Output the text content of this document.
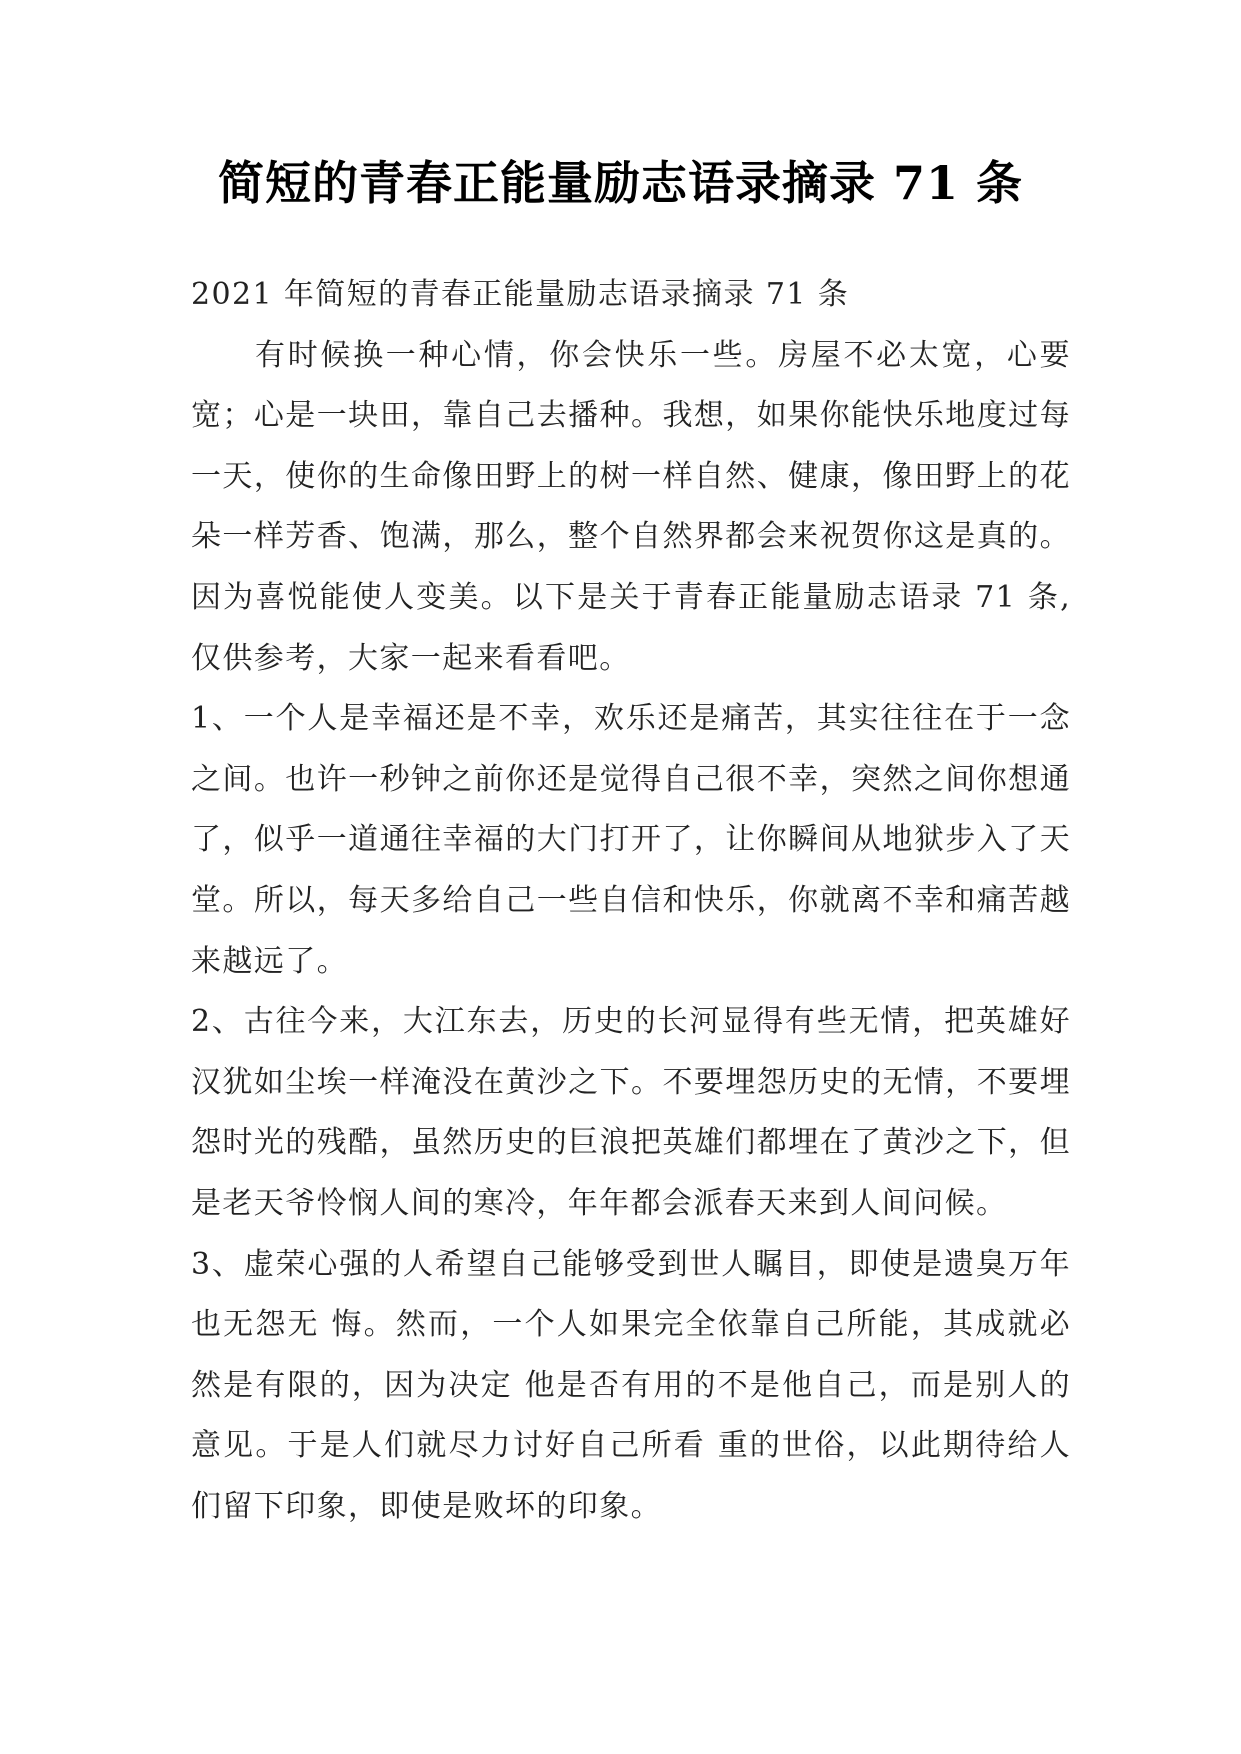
简短的青春正能量励志语录摘录 71 条

2021 年简短的青春正能量励志语录摘录 71 条

有时候换一种心情，你会快乐一些。房屋不必太宽，心要宽；心是一块田，靠自己去播种。我想，如果你能快乐地度过每一天，使你的生命像田野上的树一样自然、健康，像田野上的花朵一样芳香、饱满，那么，整个自然界都会来祝贺你这是真的。因为喜悦能使人变美。以下是关于青春正能量励志语录 71 条,仅供参考，大家一起来看看吧。

1、一个人是幸福还是不幸，欢乐还是痛苦，其实往往在于一念之间。也许一秒钟之前你还是觉得自己很不幸，突然之间你想通了，似乎一道通往幸福的大门打开了，让你瞬间从地狱步入了天堂。所以，每天多给自己一些自信和快乐，你就离不幸和痛苦越来越远了。

2、古往今来，大江东去，历史的长河显得有些无情，把英雄好汉犹如尘埃一样淹没在黄沙之下。不要埋怨历史的无情，不要埋怨时光的残酷，虽然历史的巨浪把英雄们都埋在了黄沙之下，但是老天爷怜悯人间的寒冷，年年都会派春天来到人间问候。

3、虚荣心强的人希望自己能够受到世人瞩目，即使是遗臭万年也无怨无 悔。然而，一个人如果完全依靠自己所能，其成就必然是有限的，因为决定 他是否有用的不是他自己，而是别人的意见。于是人们就尽力讨好自己所看 重的世俗，以此期待给人们留下印象，即使是败坏的印象。
